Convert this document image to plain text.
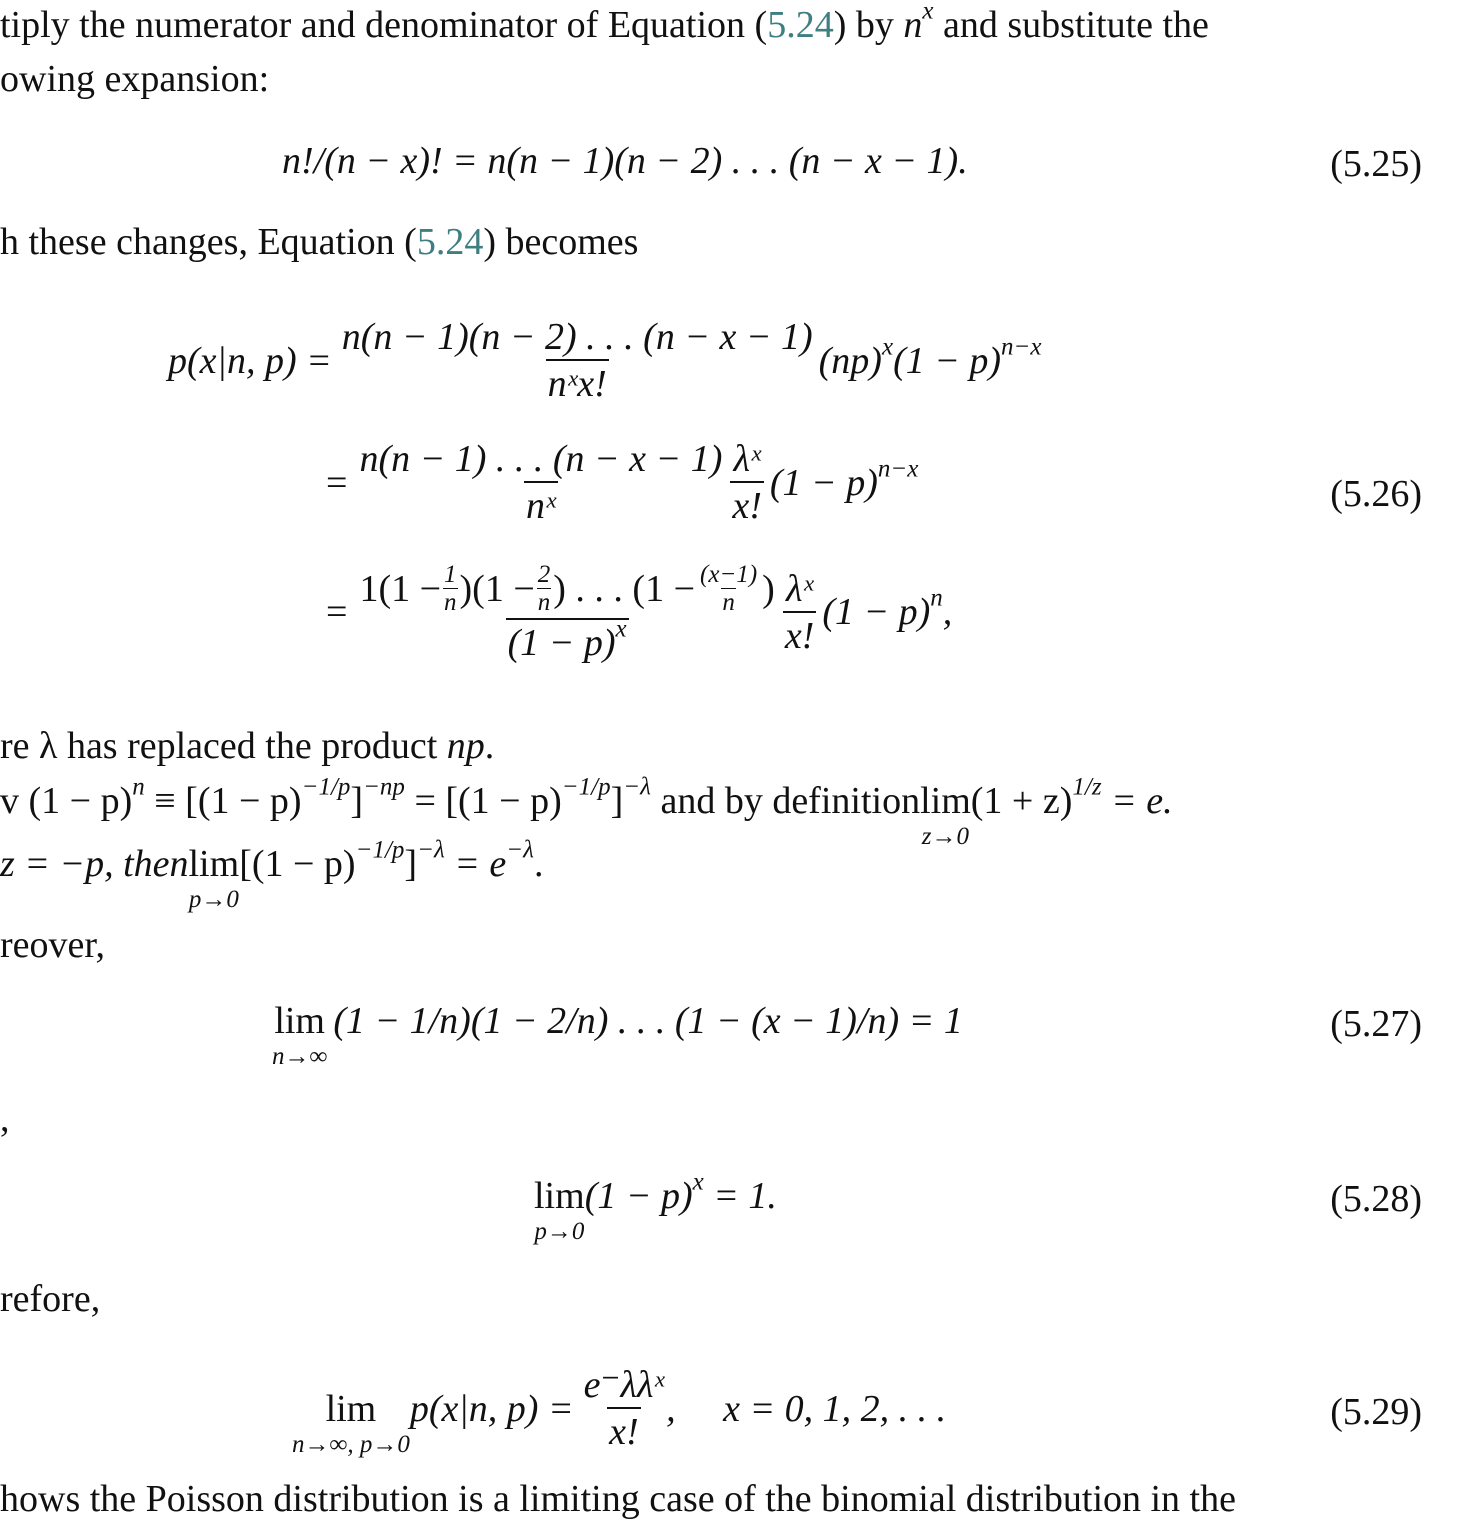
tiply the numerator and denominator of Equation (5.24) by $n^x$ and substitute the
owing expansion:
n!/(n − x)! = n(n − 1)(n − 2) . . . (n − x − 1).	(5.25)
h these changes, Equation (5.24) becomes
p(x|n, $p) = \frac{n(n - 1)(n - 2) . . . (n - x - 1)}{\text{nˣx!}} (np)^x(1 - p)^{n-x}$
= $\frac{n(n - 1) . . . (n - x - 1)}{\text{nˣ}} \frac{\text{λˣ}}{x!} (1 - p)^{n-x}$
(5.26)
=
$1(1 - \frac{1}{n} )(1 - \frac{2}{n}$ ) . . . ($1 - \frac{(x-1)}{n}$ )
$(1 - p)^x$	$\frac{\text{λˣ}}{x!} (1 - p)^n$,
re λ has replaced the product np.
v $(1 - p)^n \equiv [(1 - p)^{-1/p}]^{-np} = [(1 - p)^{-1/p}]^{-\lambda}$ and by definition lim
z→0
$(1 + z)^{1/z} = e$.
z = −p, then lim
p→0
$[(1 - p)^{-1/p}]^{-\lambda} = e^{-\lambda}$.
reover,
lim
n→∞
(1 − 1/n)(1 − 2/n) . . . (1 − (x − 1)/n) = 1	(5.27)
,
lim
p→0
$(1 - p)^x = 1$.	(5.28)
refore,
lim
n→∞, p→0
p(x|n, $p) = \frac{\text{e⁻λλˣ}}{x!}$ ,     x = 0, 1, 2, . . .	(5.29)
hows the Poisson distribution is a limiting case of the binomial distribution in the
